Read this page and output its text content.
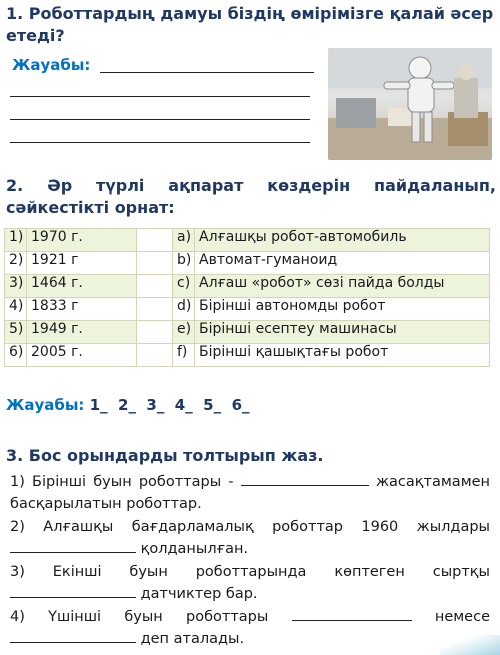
1. Роботтардың дамуы біздің өмірімізге қалай әсер етеді?
Жауабы:
2. Әр түрлі ақпарат көздерін пайдаланып, сәйкестікті орнат:
1)	1970 г.		a)	Алғашқы робот-автомобиль
2)	1921 г		b)	Автомат-гуманоид
3)	1464 г.		c)	Алғаш «робот» сөзі пайда болды
4)	1833 г		d)	Бірінші автономды робот
5)	1949 г.		e)	Бірінші есептеу машинасы
6)	2005 г.		f)	Бірінші қашықтағы робот
Жауабы: 1_  2_  3_  4_  5_  6_
3. Бос орындарды толтырып жаз.
1) Бірінші буын роботтары -	жасақтамамен басқарылатын роботтар.
2) Алғашқы бағдарламалық роботтар 1960 жылдары  қолданылған.
3) Екінші буын роботтарында көптеген сыртқы  датчиктер бар.
4) Үшінші буын роботтары	немесе  деп аталады.
